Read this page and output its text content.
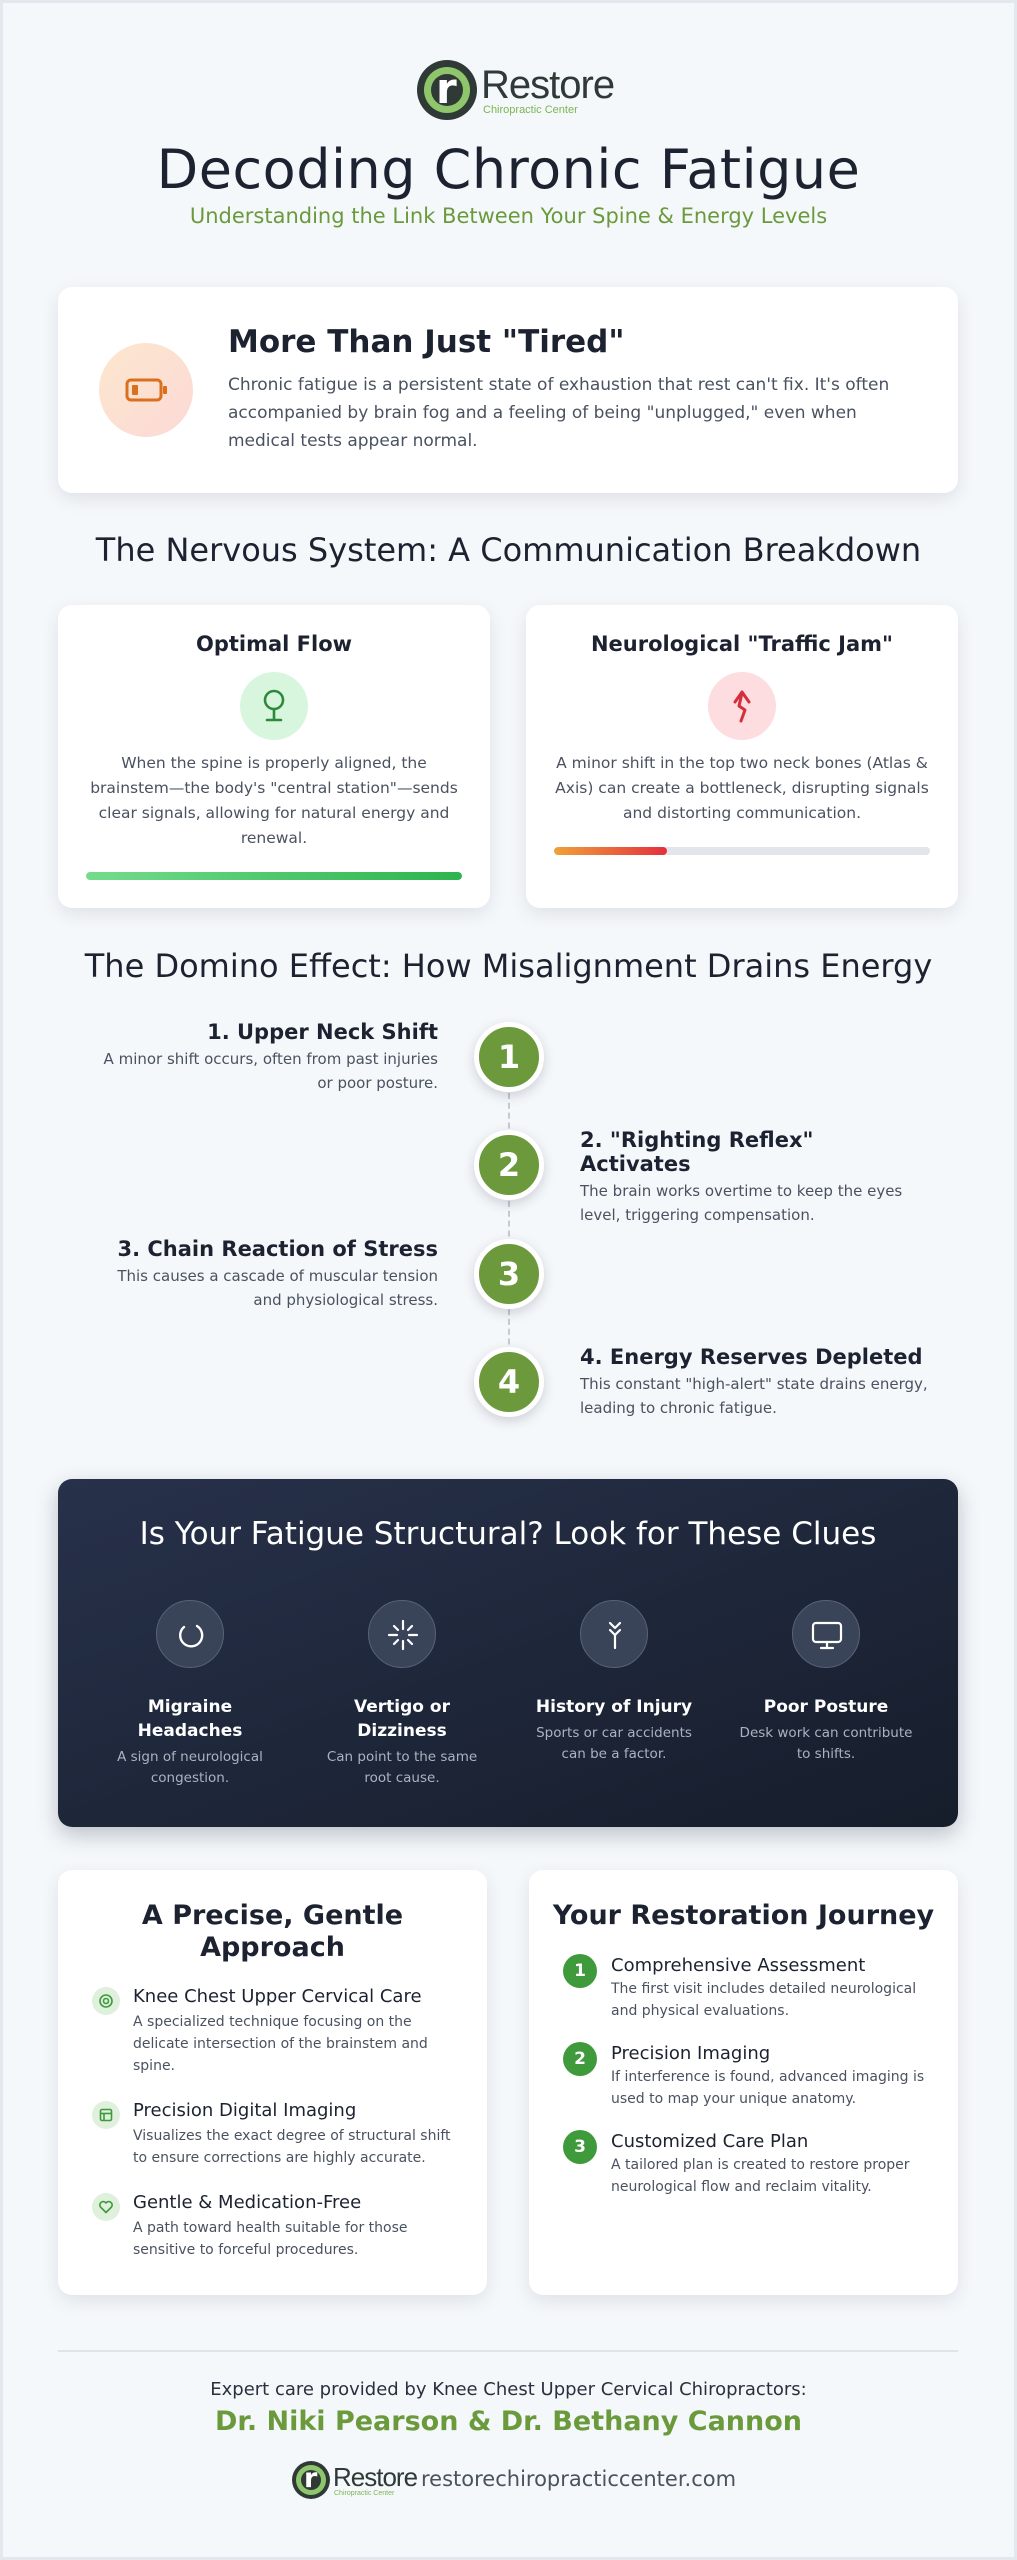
r Restore
Chiropractic Center
Decoding Chronic Fatigue
Understanding the Link Between Your Spine & Energy Levels
More Than Just "Tired"
Chronic fatigue is a persistent state of exhaustion that rest can't fix. It's often accompanied by brain fog and a feeling of being "unplugged," even when medical tests appear normal.
The Nervous System: A Communication Breakdown
Optimal Flow
When the spine is properly aligned, the brainstem—the body's "central station"—sends clear signals, allowing for natural energy and renewal.
Neurological "Traffic Jam"
A minor shift in the top two neck bones (Atlas & Axis) can create a bottleneck, disrupting signals and distorting communication.
The Domino Effect: How Misalignment Drains Energy
1
2
3
4
1. Upper Neck Shift
A minor shift occurs, often from past injuries or poor posture.
2. "Righting Reflex" Activates
The brain works overtime to keep the eyes level, triggering compensation.
3. Chain Reaction of Stress
This causes a cascade of muscular tension and physiological stress.
4. Energy Reserves Depleted
This constant "high-alert" state drains energy, leading to chronic fatigue.
Is Your Fatigue Structural? Look for These Clues
Migraine Headaches
A sign of neurological congestion.
Vertigo or Dizziness
Can point to the same root cause.
History of Injury
Sports or car accidents can be a factor.
Poor Posture
Desk work can contribute to shifts.
A Precise, Gentle Approach
Knee Chest Upper Cervical Care
A specialized technique focusing on the delicate intersection of the brainstem and spine.
Precision Digital Imaging
Visualizes the exact degree of structural shift to ensure corrections are highly accurate.
Gentle & Medication-Free
A path toward health suitable for those sensitive to forceful procedures.
Your Restoration Journey
1	Comprehensive Assessment
The first visit includes detailed neurological and physical evaluations.
2	Precision Imaging
If interference is found, advanced imaging is used to map your unique anatomy.
3	Customized Care Plan
A tailored plan is created to restore proper neurological flow and reclaim vitality.
Expert care provided by Knee Chest Upper Cervical Chiropractors:
Dr. Niki Pearson & Dr. Bethany Cannon
r Restore
Chiropractic Center
restorechiropracticcenter.com
